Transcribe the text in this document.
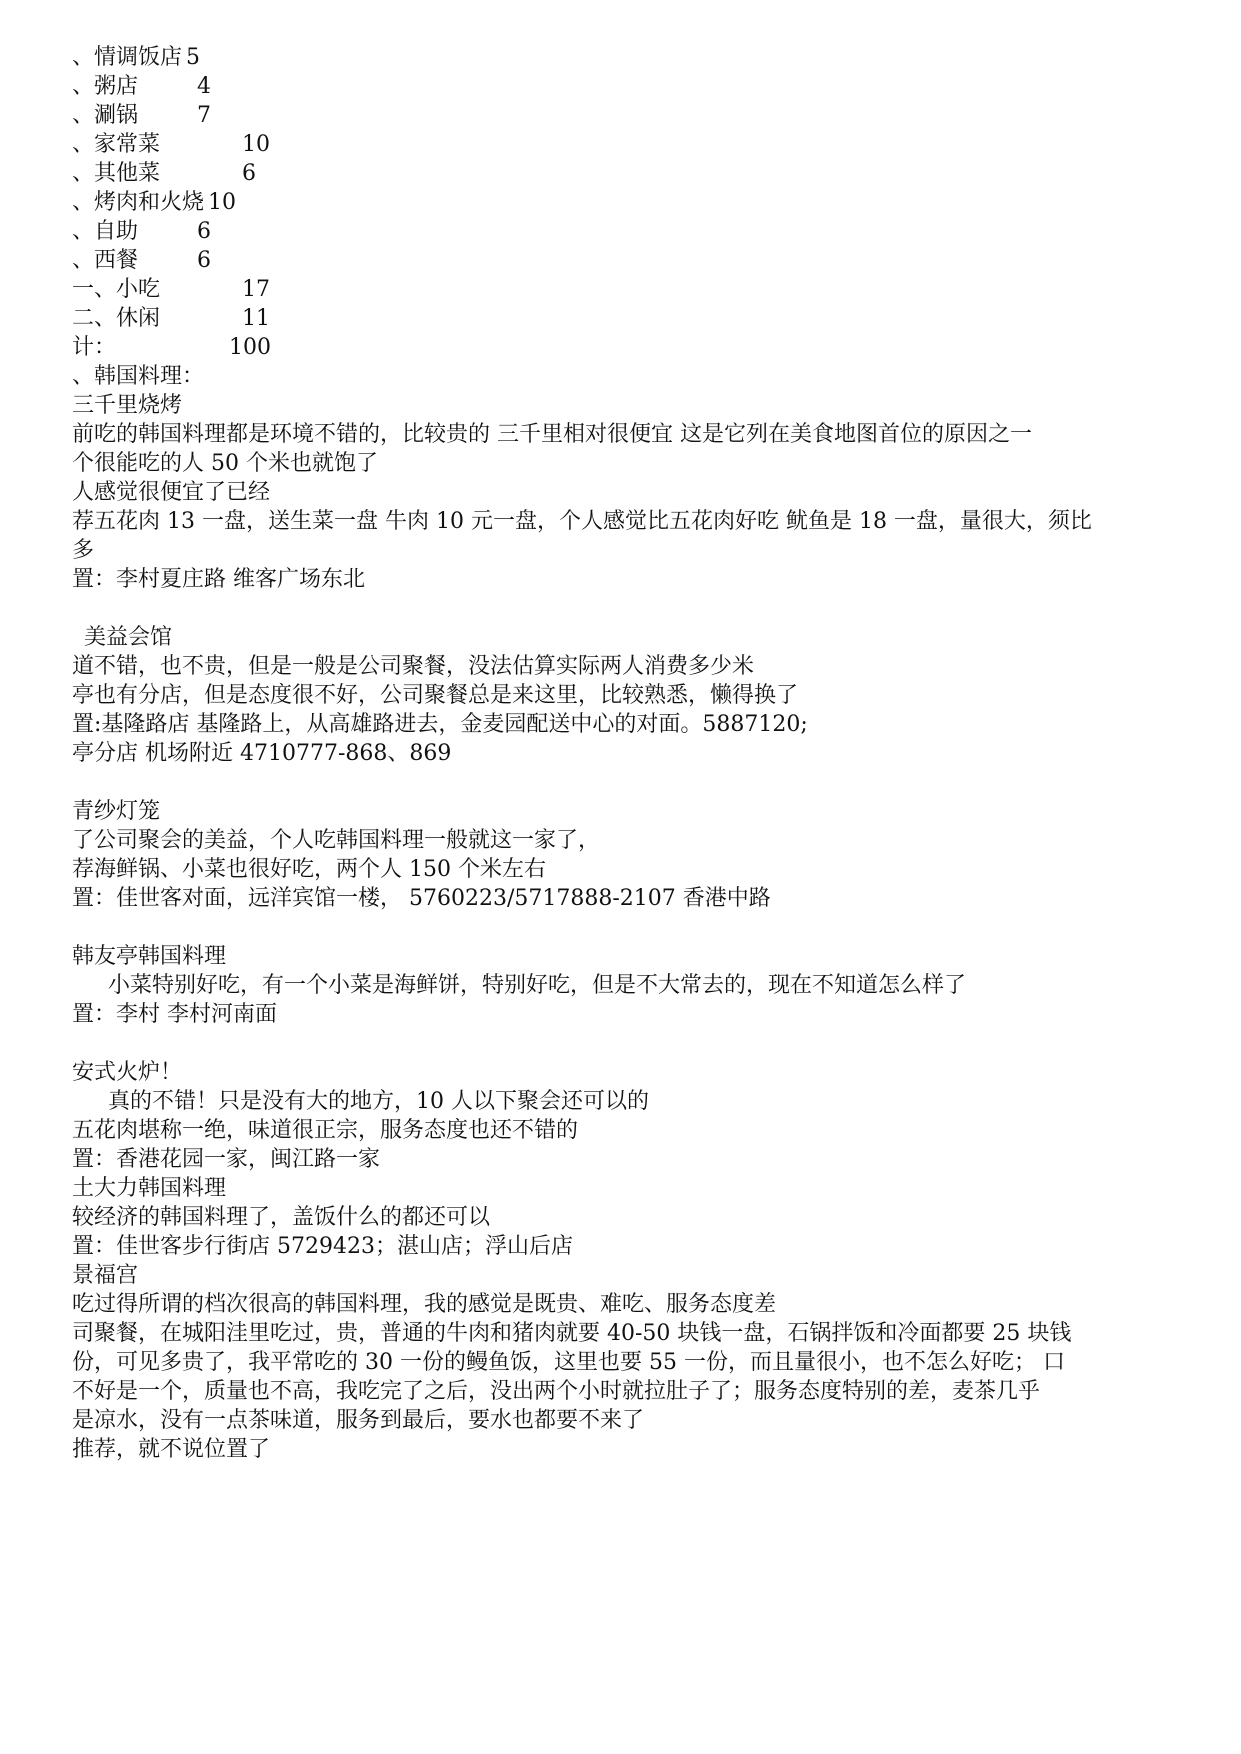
、情调饭店 5
、粥店	4
、涮锅	7
、家常菜	10
、其他菜	6
、烤肉和火烧 10
、自助	6
、西餐	6
一、小吃	17
二、休闲	11
计：	100
、韩国料理：
三千里烧烤
前吃的韩国料理都是环境不错的，比较贵的 三千里相对很便宜 这是它列在美食地图首位的原因之一
个很能吃的人 50 个米也就饱了
人感觉很便宜了已经
荐五花肉 13 一盘，送生菜一盘 牛肉 10 元一盘，个人感觉比五花肉好吃 鱿鱼是 18 一盘，量很大，须比
多
置：李村夏庄路 维客广场东北
美益会馆
道不错，也不贵，但是一般是公司聚餐，没法估算实际两人消费多少米
亭也有分店，但是态度很不好，公司聚餐总是来这里，比较熟悉，懒得换了
置:基隆路店 基隆路上，从高雄路进去，金麦园配送中心的对面。5887120;
亭分店 机场附近 4710777-868、869
青纱灯笼
了公司聚会的美益，个人吃韩国料理一般就这一家了，
荐海鲜锅、小菜也很好吃，两个人 150 个米左右
置：佳世客对面，远洋宾馆一楼， 5760223/5717888-2107 香港中路
韩友亭韩国料理
小菜特别好吃，有一个小菜是海鲜饼，特别好吃，但是不大常去的，现在不知道怎么样了
置：李村 李村河南面
安式火炉！
真的不错！只是没有大的地方，10 人以下聚会还可以的
五花肉堪称一绝，味道很正宗，服务态度也还不错的
置：香港花园一家，闽江路一家
土大力韩国料理
较经济的韩国料理了，盖饭什么的都还可以
置：佳世客步行街店 5729423；湛山店；浮山后店
景福宫
吃过得所谓的档次很高的韩国料理，我的感觉是既贵、难吃、服务态度差
司聚餐，在城阳洼里吃过，贵，普通的牛肉和猪肉就要 40-50 块钱一盘，石锅拌饭和冷面都要 25 块钱
份，可见多贵了，我平常吃的 30 一份的鳗鱼饭，这里也要 55 一份，而且量很小，也不怎么好吃； 口
不好是一个，质量也不高，我吃完了之后，没出两个小时就拉肚子了；服务态度特别的差，麦茶几乎
是凉水，没有一点茶味道，服务到最后，要水也都要不来了
推荐，就不说位置了
